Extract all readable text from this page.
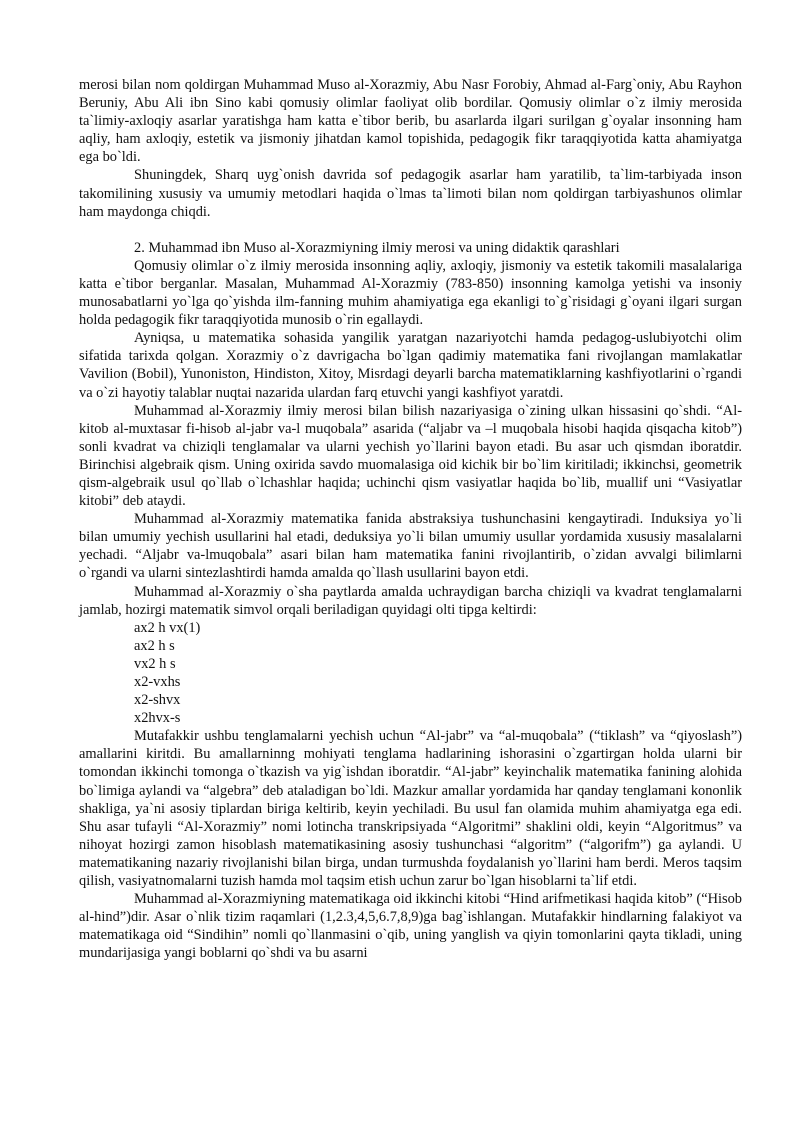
merosi bilan nom qoldirgan Muhammad Muso al-Xorazmiy, Abu Nasr Forobiy, Ahmad al-Farg`oniy, Abu Rayhon Beruniy, Abu Ali ibn Sino kabi qomusiy olimlar faoliyat olib bordilar. Qomusiy olimlar o`z ilmiy merosida ta`limiy-axloqiy asarlar yaratishga ham katta e`tibor berib, bu asarlarda ilgari surilgan g`oyalar insonning ham aqliy, ham axloqiy, estetik va jismoniy jihatdan kamol topishida, pedagogik fikr taraqqiyotida katta ahamiyatga ega bo`ldi.

Shuningdek, Sharq uyg`onish davrida sof pedagogik asarlar ham yaratilib, ta`lim-tarbiyada inson takomilining xususiy va umumiy metodlari haqida o`lmas ta`limoti bilan nom qoldirgan tarbiyashunos olimlar ham maydonga chiqdi.

2. Muhammad ibn Muso al-Xorazmiyning ilmiy merosi va uning didaktik qarashlari

Qomusiy olimlar o`z ilmiy merosida insonning aqliy, axloqiy, jismoniy va estetik takomili masalalariga katta e`tibor berganlar. Masalan, Muhammad Al-Xorazmiy (783-850) insonning kamolga yetishi va insoniy munosabatlarni yo`lga qo`yishda ilm-fanning muhim ahamiyatiga ega ekanligi to`g`risidagi g`oyani ilgari surgan holda pedagogik fikr taraqqiyotida munosib o`rin egallaydi.

Ayniqsa, u matematika sohasida yangilik yaratgan nazariyotchi hamda pedagog-uslubiyotchi olim sifatida tarixda qolgan. Xorazmiy o`z davrigacha bo`lgan qadimiy matematika fani rivojlangan mamlakatlar Vavilion (Bobil), Yunoniston, Hindiston, Xitoy, Misrdagi deyarli barcha matematiklarning kashfiyotlarini o`rgandi va o`zi hayotiy talablar nuqtai nazarida ulardan farq etuvchi yangi kashfiyot yaratdi.

Muhammad al-Xorazmiy ilmiy merosi bilan bilish nazariyasiga o`zining ulkan hissasini qo`shdi. “Al-kitob al-muxtasar fi-hisob al-jabr va-l muqobala” asarida (“aljabr va –l muqobala hisobi haqida qisqacha kitob”) sonli kvadrat va chiziqli tenglamalar va ularni yechish yo`llarini bayon etadi. Bu asar uch qismdan iboratdir. Birinchisi algebraik qism. Uning oxirida savdo muomalasiga oid kichik bir bo`lim kiritiladi; ikkinchsi, geometrik qism-algebraik usul qo`llab o`lchashlar haqida; uchinchi qism vasiyatlar haqida bo`lib, muallif uni “Vasiyatlar kitobi” deb ataydi.

Muhammad al-Xorazmiy matematika fanida abstraksiya tushunchasini kengaytiradi. Induksiya yo`li bilan umumiy yechish usullarini hal etadi, deduksiya yo`li bilan umumiy usullar yordamida xususiy masalalarni yechadi. “Aljabr va-lmuqobala” asari bilan ham matematika fanini rivojlantirib, o`zidan avvalgi bilimlarni o`rgandi va ularni sintezlashtirdi hamda amalda qo`llash usullarini bayon etdi.

Muhammad al-Xorazmiy o`sha paytlarda amalda uchraydigan barcha chiziqli va kvadrat tenglamalarni jamlab, hozirgi matematik simvol orqali beriladigan quyidagi olti tipga keltirdi:

ax2 h vx(1)

ax2 h s

vx2 h s

x2-vxhs

x2-shvx

x2hvx-s

Mutafakkir ushbu tenglamalarni yechish uchun “Al-jabr” va “al-muqobala” (“tiklash” va “qiyoslash”) amallarini kiritdi. Bu amallarninng mohiyati tenglama hadlarining ishorasini o`zgartirgan holda ularni bir tomondan ikkinchi tomonga o`tkazish va yig`ishdan iboratdir. “Al-jabr” keyinchalik matematika fanining alohida bo`limiga aylandi va “algebra” deb ataladigan bo`ldi. Mazkur amallar yordamida har qanday tenglamani kononlik shakliga, ya`ni asosiy tiplardan biriga keltirib, keyin yechiladi. Bu usul fan olamida muhim ahamiyatga ega edi. Shu asar tufayli “Al-Xorazmiy” nomi lotincha transkripsiyada “Algoritmi” shaklini oldi, keyin “Algoritmus” va nihoyat hozirgi zamon hisoblash matematikasining asosiy tushunchasi “algoritm” (“algorifm”) ga aylandi. U matematikaning nazariy rivojlanishi bilan birga, undan turmushda foydalanish yo`llarini ham berdi. Meros taqsim qilish, vasiyatnomalarni tuzish hamda mol taqsim etish uchun zarur bo`lgan hisoblarni ta`lif etdi.

Muhammad al-Xorazmiyning matematikaga oid ikkinchi kitobi “Hind arifmetikasi haqida kitob” (“Hisob al-hind”)dir. Asar o`nlik tizim raqamlari (1,2.3,4,5,6.7,8,9)ga bag`ishlangan. Mutafakkir hindlarning falakiyot va matematikaga oid “Sindihin” nomli qo`llanmasini o`qib, uning yanglish va qiyin tomonlarini qayta tikladi, uning mundarijasiga yangi boblarni qo`shdi va bu asarni
